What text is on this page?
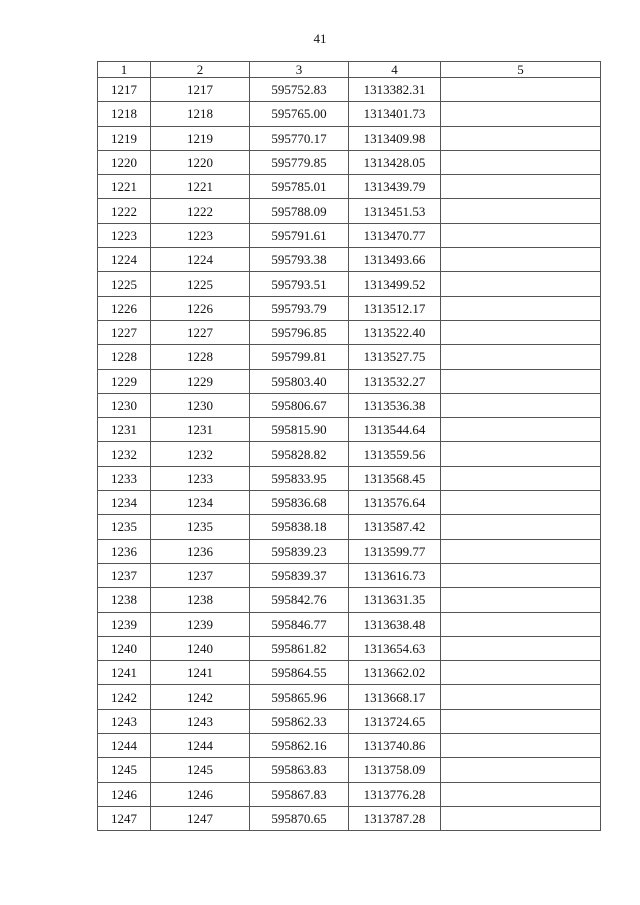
41
1	2	3	4	5
1217	1217	595752.83	1313382.31	
1218	1218	595765.00	1313401.73	
1219	1219	595770.17	1313409.98	
1220	1220	595779.85	1313428.05	
1221	1221	595785.01	1313439.79	
1222	1222	595788.09	1313451.53	
1223	1223	595791.61	1313470.77	
1224	1224	595793.38	1313493.66	
1225	1225	595793.51	1313499.52	
1226	1226	595793.79	1313512.17	
1227	1227	595796.85	1313522.40	
1228	1228	595799.81	1313527.75	
1229	1229	595803.40	1313532.27	
1230	1230	595806.67	1313536.38	
1231	1231	595815.90	1313544.64	
1232	1232	595828.82	1313559.56	
1233	1233	595833.95	1313568.45	
1234	1234	595836.68	1313576.64	
1235	1235	595838.18	1313587.42	
1236	1236	595839.23	1313599.77	
1237	1237	595839.37	1313616.73	
1238	1238	595842.76	1313631.35	
1239	1239	595846.77	1313638.48	
1240	1240	595861.82	1313654.63	
1241	1241	595864.55	1313662.02	
1242	1242	595865.96	1313668.17	
1243	1243	595862.33	1313724.65	
1244	1244	595862.16	1313740.86	
1245	1245	595863.83	1313758.09	
1246	1246	595867.83	1313776.28	
1247	1247	595870.65	1313787.28	
